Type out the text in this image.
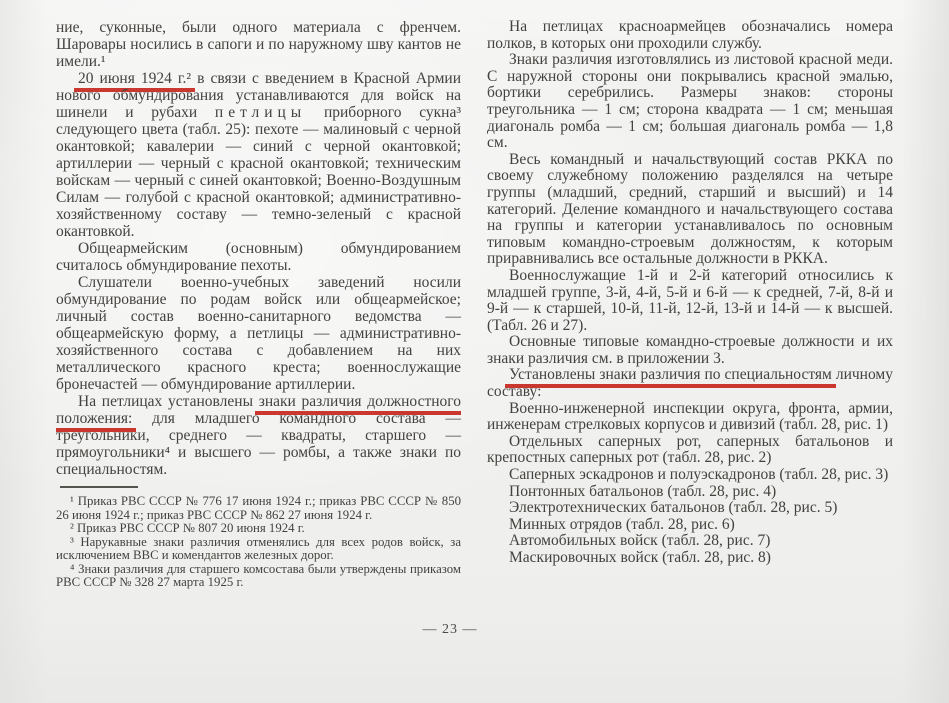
ние, суконные, были одного материала с френчем. Шаровары носились в сапоги и по наружному шву кантов не имели.¹

20 июня 1924 г.² в связи с введением в Красной Армии нового обмундирования устанавливаются для войск на шинели и рубахи петлицы приборного сукна³ следующего цвета (табл. 25): пехоте — малиновый с черной окантовкой; кавалерии — синий с черной окантовкой; артиллерии — черный с красной окантовкой; техническим войскам — черный с синей окантовкой; Военно-Воздушным Силам — голубой с красной окантовкой; административно-хозяйственному составу — темно-зеленый с красной окантовкой.

Общеармейским (основным) обмундированием считалось обмундирование пехоты.

Слушатели военно-учебных заведений носили обмундирование по родам войск или общеармейское; личный состав военно-санитарного ведомства — общеармейскую форму, а петлицы — административно-хозяйственного состава с добавлением на них металлического красного креста; военнослужащие бронечастей — обмундирование артиллерии.

На петлицах установлены знаки различия должностного положения: для младшего командного состава — треугольники, среднего — квадраты, старшего — прямоугольники⁴ и высшего — ромбы, а также знаки по специальностям.

¹ Приказ РВС СССР № 776 17 июня 1924 г.; приказ РВС СССР № 850 26 июня 1924 г.; приказ РВС СССР № 862 27 июня 1924 г.

² Приказ РВС СССР № 807 20 июня 1924 г.

³ Нарукавные знаки различия отменялись для всех родов войск, за исключением ВВС и комендантов железных дорог.

⁴ Знаки различия для старшего комсостава были утверждены приказом РВС СССР № 328 27 марта 1925 г.

На петлицах красноармейцев обозначались номера полков, в которых они проходили службу.

Знаки различия изготовлялись из листовой красной меди. С наружной стороны они покрывались красной эмалью, бортики серебрились. Размеры знаков: стороны треугольника — 1 см; сторона квадрата — 1 см; меньшая диагональ ромба — 1 см; большая диагональ ромба — 1,8 см.

Весь командный и начальствующий состав РККА по своему служебному положению разделялся на четыре группы (младший, средний, старший и высший) и 14 категорий. Деление командного и начальствующего состава на группы и категории устанавливалось по основным типовым командно-строевым должностям, к которым приравнивались все остальные должности в РККА.

Военнослужащие 1-й и 2-й категорий относились к младшей группе, 3-й, 4-й, 5-й и 6-й — к средней, 7-й, 8-й и 9-й — к старшей, 10-й, 11-й, 12-й, 13-й и 14-й — к высшей. (Табл. 26 и 27).

Основные типовые командно-строевые должности и их знаки различия см. в приложении 3.

Установлены знаки различия по специальностям личному составу:

Военно-инженерной инспекции округа, фронта, армии, инженерам стрелковых корпусов и дивизий (табл. 28, рис. 1)

Отдельных саперных рот, саперных батальонов и крепостных саперных рот (табл. 28, рис. 2)

Саперных эскадронов и полуэскадронов (табл. 28, рис. 3)

Понтонных батальонов (табл. 28, рис. 4)

Электротехнических батальонов (табл. 28, рис. 5)

Минных отрядов (табл. 28, рис. 6)

Автомобильных войск (табл. 28, рис. 7)

Маскировочных войск (табл. 28, рис. 8)

— 23 —
